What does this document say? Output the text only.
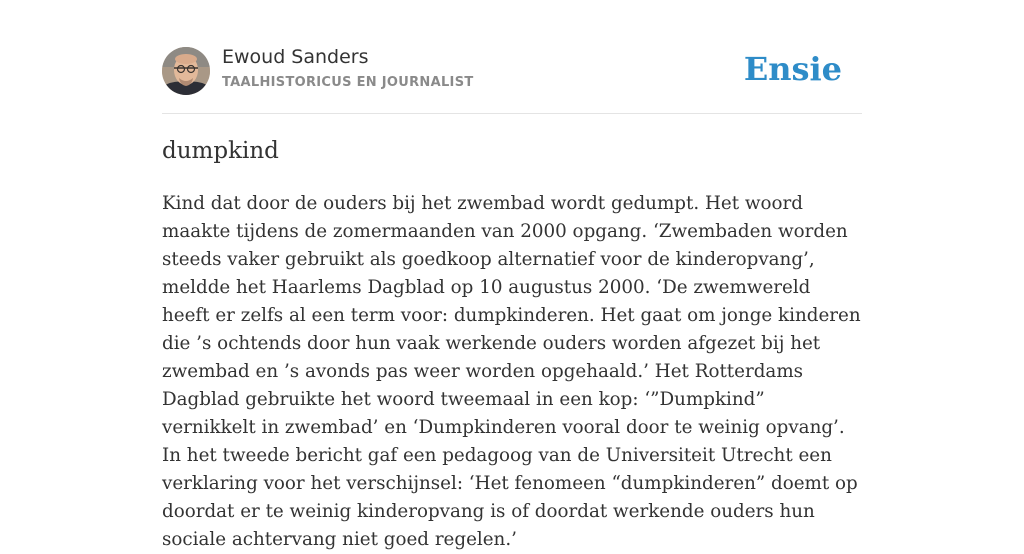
Ewoud Sanders
TAALHISTORICUS EN JOURNALIST	Ensie
dumpkind

Kind dat door de ouders bij het zwembad wordt gedumpt. Het woord maakte tijdens de zomermaanden van 2000 opgang. ‘Zwembaden worden steeds vaker gebruikt als goedkoop alternatief voor de kinderopvang’, meldde het Haarlems Dagblad op 10 augustus 2000. ‘De zwemwereld heeft er zelfs al een term voor: dumpkinderen. Het gaat om jonge kinderen die ’s ochtends door hun vaak werkende ouders worden afgezet bij het zwembad en ’s avonds pas weer worden opgehaald.’ Het Rotterdams Dagblad gebruikte het woord tweemaal in een kop: ‘”Dumpkind” vernikkelt in zwembad’ en ‘Dumpkinderen vooral door te weinig opvang’. In het tweede bericht gaf een pedagoog van de Universiteit Utrecht een verklaring voor het verschijnsel: ‘Het fenomeen “dumpkinderen” doemt op doordat er te weinig kinderopvang is of doordat werkende ouders hun sociale achtervang niet goed regelen.’
